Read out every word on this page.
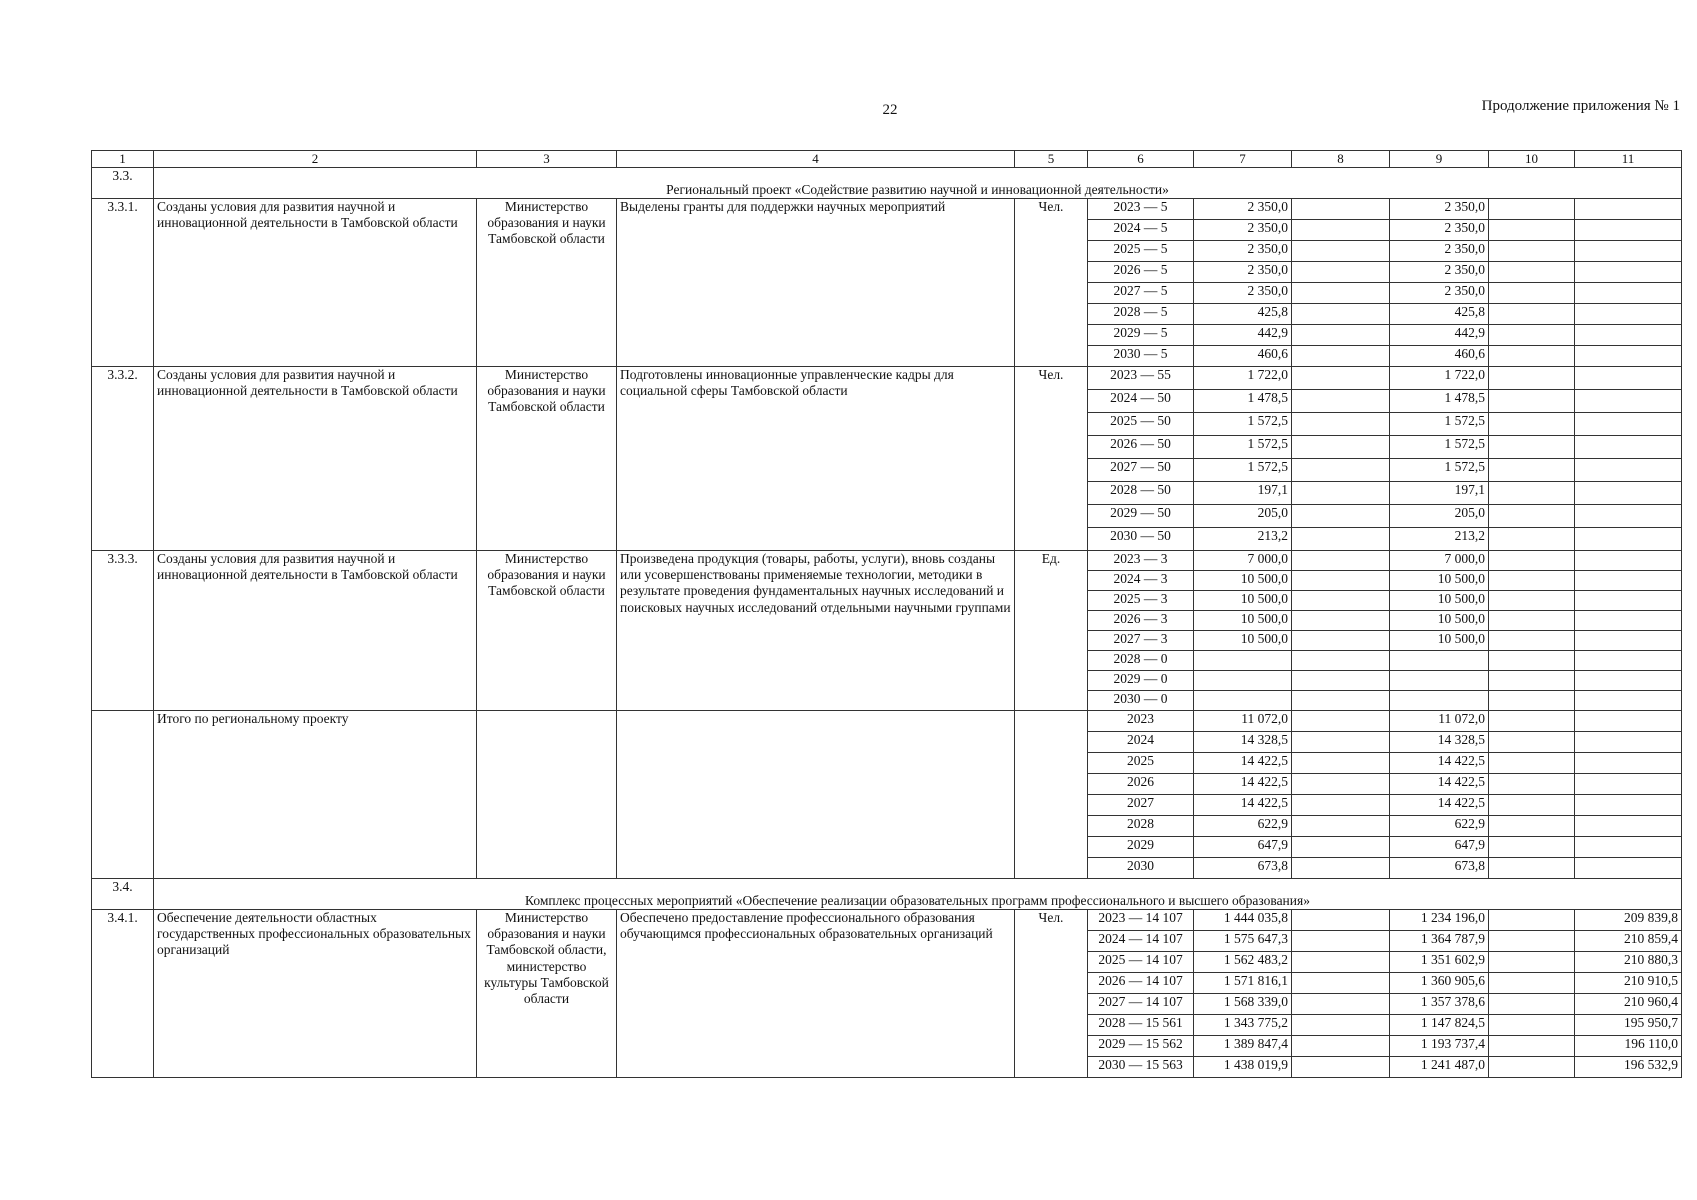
22	Продолжение приложения № 1
1	2	3	4	5	6	7	8	9	10	11
3.3.	Региональный проект «Содействие развитию научной и инновационной деятельности»									
3.3.1.	Созданы условия для развития научной и инновационной деятельности в Тамбовской области	Министерство образования и науки Тамбовской области	Выделены гранты для поддержки научных мероприятий	Чел.	2023 — 5	2 350,0		2 350,0		
					2024 — 5	2 350,0		2 350,0		
					2025 — 5	2 350,0		2 350,0		
					2026 — 5	2 350,0		2 350,0		
					2027 — 5	2 350,0		2 350,0		
					2028 — 5	425,8		425,8		
					2029 — 5	442,9		442,9		
					2030 — 5	460,6		460,6		
3.3.2.	Созданы условия для развития научной и инновационной деятельности в Тамбовской области	Министерство образования и науки Тамбовской области	Подготовлены инновационные управленческие кадры для социальной сферы Тамбовской области	Чел.	2023 — 55	1 722,0		1 722,0		
					2024 — 50	1 478,5		1 478,5		
					2025 — 50	1 572,5		1 572,5		
					2026 — 50	1 572,5		1 572,5		
					2027 — 50	1 572,5		1 572,5		
					2028 — 50	197,1		197,1		
					2029 — 50	205,0		205,0		
					2030 — 50	213,2		213,2		
3.3.3.	Созданы условия для развития научной и инновационной деятельности в Тамбовской области	Министерство образования и науки Тамбовской области	Произведена продукция (товары, работы, услуги), вновь созданы или усовершенствованы применяемые технологии, методики в результате проведения фундаментальных научных исследований и поисковых научных исследований отдельными научными группами	Ед.	2023 — 3	7 000,0		7 000,0		
					2024 — 3	10 500,0		10 500,0		
					2025 — 3	10 500,0		10 500,0		
					2026 — 3	10 500,0		10 500,0		
					2027 — 3	10 500,0		10 500,0		
					2028 — 0					
					2029 — 0					
					2030 — 0					
	Итого по региональному проекту				2023	11 072,0		11 072,0		
					2024	14 328,5		14 328,5		
					2025	14 422,5		14 422,5		
					2026	14 422,5		14 422,5		
					2027	14 422,5		14 422,5		
					2028	622,9		622,9		
					2029	647,9		647,9		
					2030	673,8		673,8		
3.4.	Комплекс процессных мероприятий «Обеспечение реализации образовательных программ профессионального и высшего образования»									
3.4.1.	Обеспечение деятельности областных государственных профессиональных образовательных организаций	Министерство образования и науки Тамбовской области, министерство культуры Тамбовской области	Обеспечено предоставление профессионального образования обучающимся профессиональных образовательных организаций	Чел.	2023 — 14 107	1 444 035,8		1 234 196,0		209 839,8
					2024 — 14 107	1 575 647,3		1 364 787,9		210 859,4
					2025 — 14 107	1 562 483,2		1 351 602,9		210 880,3
					2026 — 14 107	1 571 816,1		1 360 905,6		210 910,5
					2027 — 14 107	1 568 339,0		1 357 378,6		210 960,4
					2028 — 15 561	1 343 775,2		1 147 824,5		195 950,7
					2029 — 15 562	1 389 847,4		1 193 737,4		196 110,0
					2030 — 15 563	1 438 019,9		1 241 487,0		196 532,9
